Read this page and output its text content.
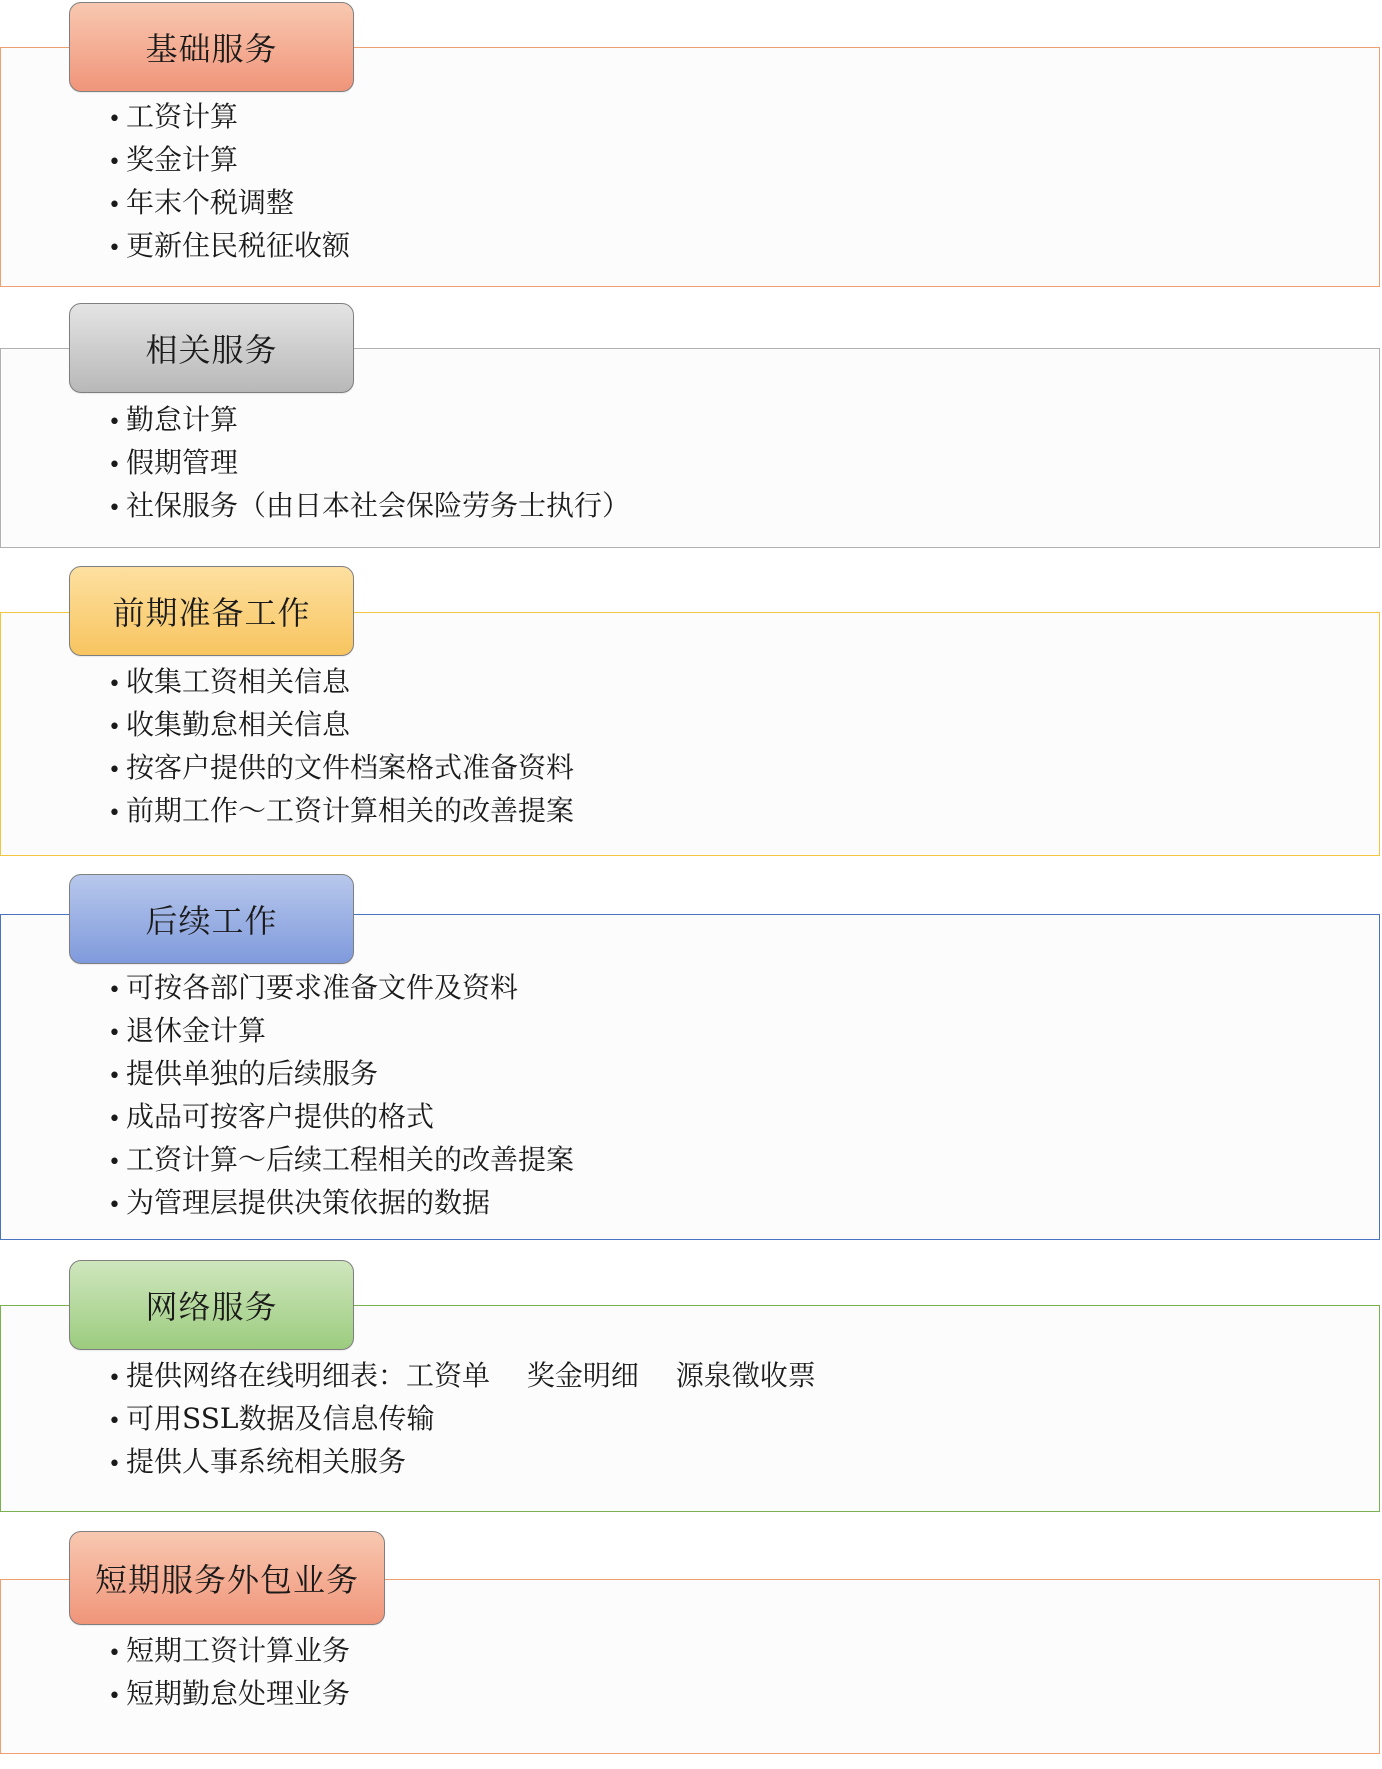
基础服务
• 工资计算
• 奖金计算
• 年末个税调整
• 更新住民税征收额
相关服务
• 勤怠计算
• 假期管理
• 社保服务（由日本社会保险劳务士执行）
前期准备工作
• 收集工资相关信息
• 收集勤怠相关信息
• 按客户提供的文件档案格式准备资料
• 前期工作～工资计算相关的改善提案
后续工作
• 可按各部门要求准备文件及资料
• 退休金计算
• 提供单独的后续服务
• 成品可按客户提供的格式
• 工资计算～后续工程相关的改善提案
• 为管理层提供决策依据的数据
网络服务
• 提供网络在线明细表：工资单　 奖金明细　 源泉徵收票
• 可用SSL数据及信息传输
• 提供人事系统相关服务
短期服务外包业务
• 短期工资计算业务
• 短期勤怠处理业务
